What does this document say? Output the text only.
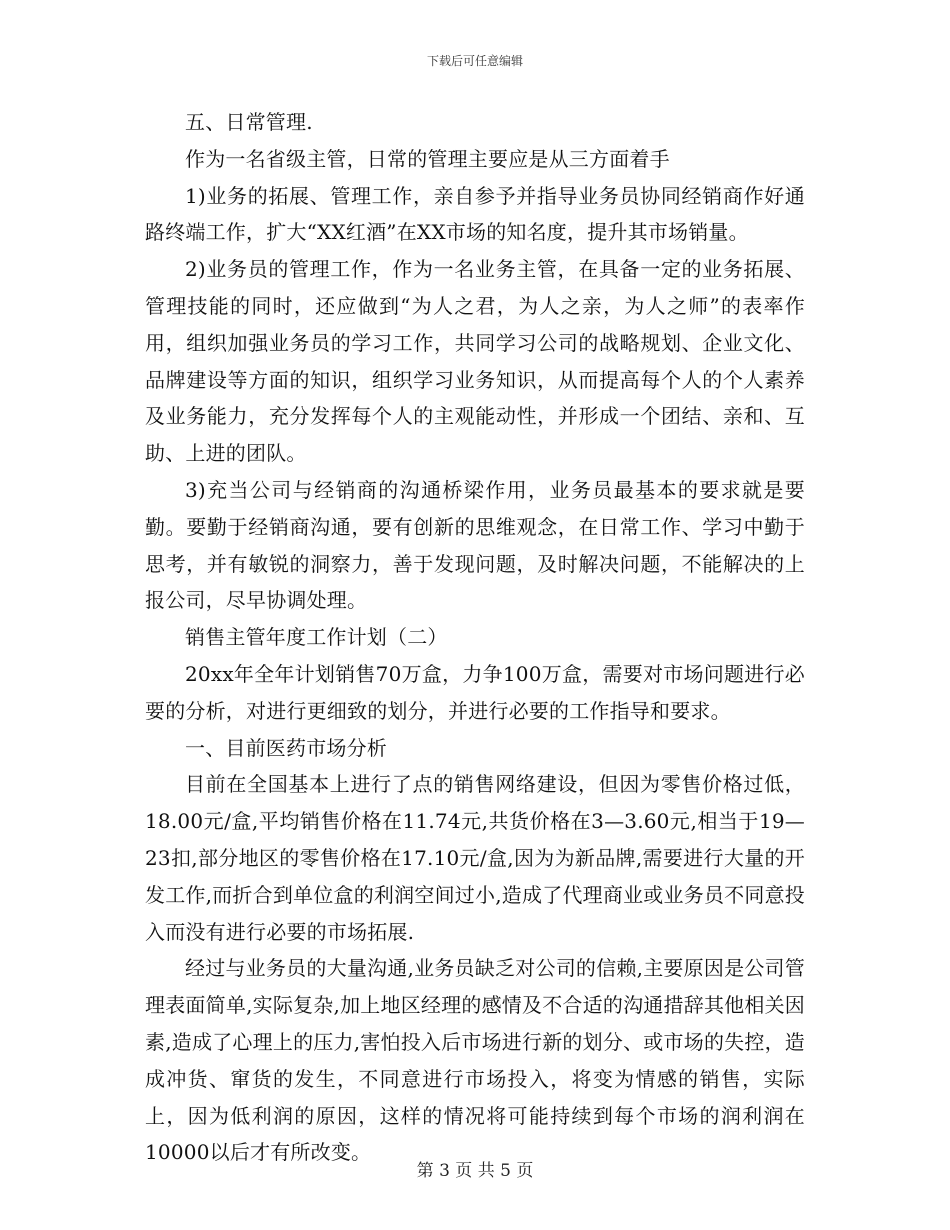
下载后可任意编辑

五、日常管理.

作为一名省级主管，日常的管理主要应是从三方面着手

1)业务的拓展、管理工作，亲自参予并指导业务员协同经销商作好通路终端工作，扩大“XX红酒”在XX市场的知名度，提升其市场销量。

2)业务员的管理工作，作为一名业务主管，在具备一定的业务拓展、管理技能的同时，还应做到“为人之君，为人之亲，为人之师”的表率作用，组织加强业务员的学习工作，共同学习公司的战略规划、企业文化、品牌建设等方面的知识，组织学习业务知识，从而提高每个人的个人素养及业务能力，充分发挥每个人的主观能动性，并形成一个团结、亲和、互助、上进的团队。

3)充当公司与经销商的沟通桥梁作用，业务员最基本的要求就是要勤。要勤于经销商沟通，要有创新的思维观念，在日常工作、学习中勤于思考，并有敏锐的洞察力，善于发现问题，及时解决问题，不能解决的上报公司，尽早协调处理。

销售主管年度工作计划（二）

20xx年全年计划销售70万盒，力争100万盒，需要对市场问题进行必要的分析，对进行更细致的划分，并进行必要的工作指导和要求。

一、目前医药市场分析

目前在全国基本上进行了点的销售网络建设，但因为零售价格过低，18.00元/盒,平均销售价格在11.74元,共货价格在3—3.60元,相当于19—23扣,部分地区的零售价格在17.10元/盒,因为为新品牌,需要进行大量的开发工作,而折合到单位盒的利润空间过小,造成了代理商业或业务员不同意投入而没有进行必要的市场拓展.

经过与业务员的大量沟通,业务员缺乏对公司的信赖,主要原因是公司管理表面简单,实际复杂,加上地区经理的感情及不合适的沟通措辞其他相关因素,造成了心理上的压力,害怕投入后市场进行新的划分、或市场的失控，造成冲货、窜货的发生，不同意进行市场投入，将变为情感的销售，实际上，因为低利润的原因，这样的情况将可能持续到每个市场的润利润在10000以后才有所改变。

第 3 页 共 5 页
